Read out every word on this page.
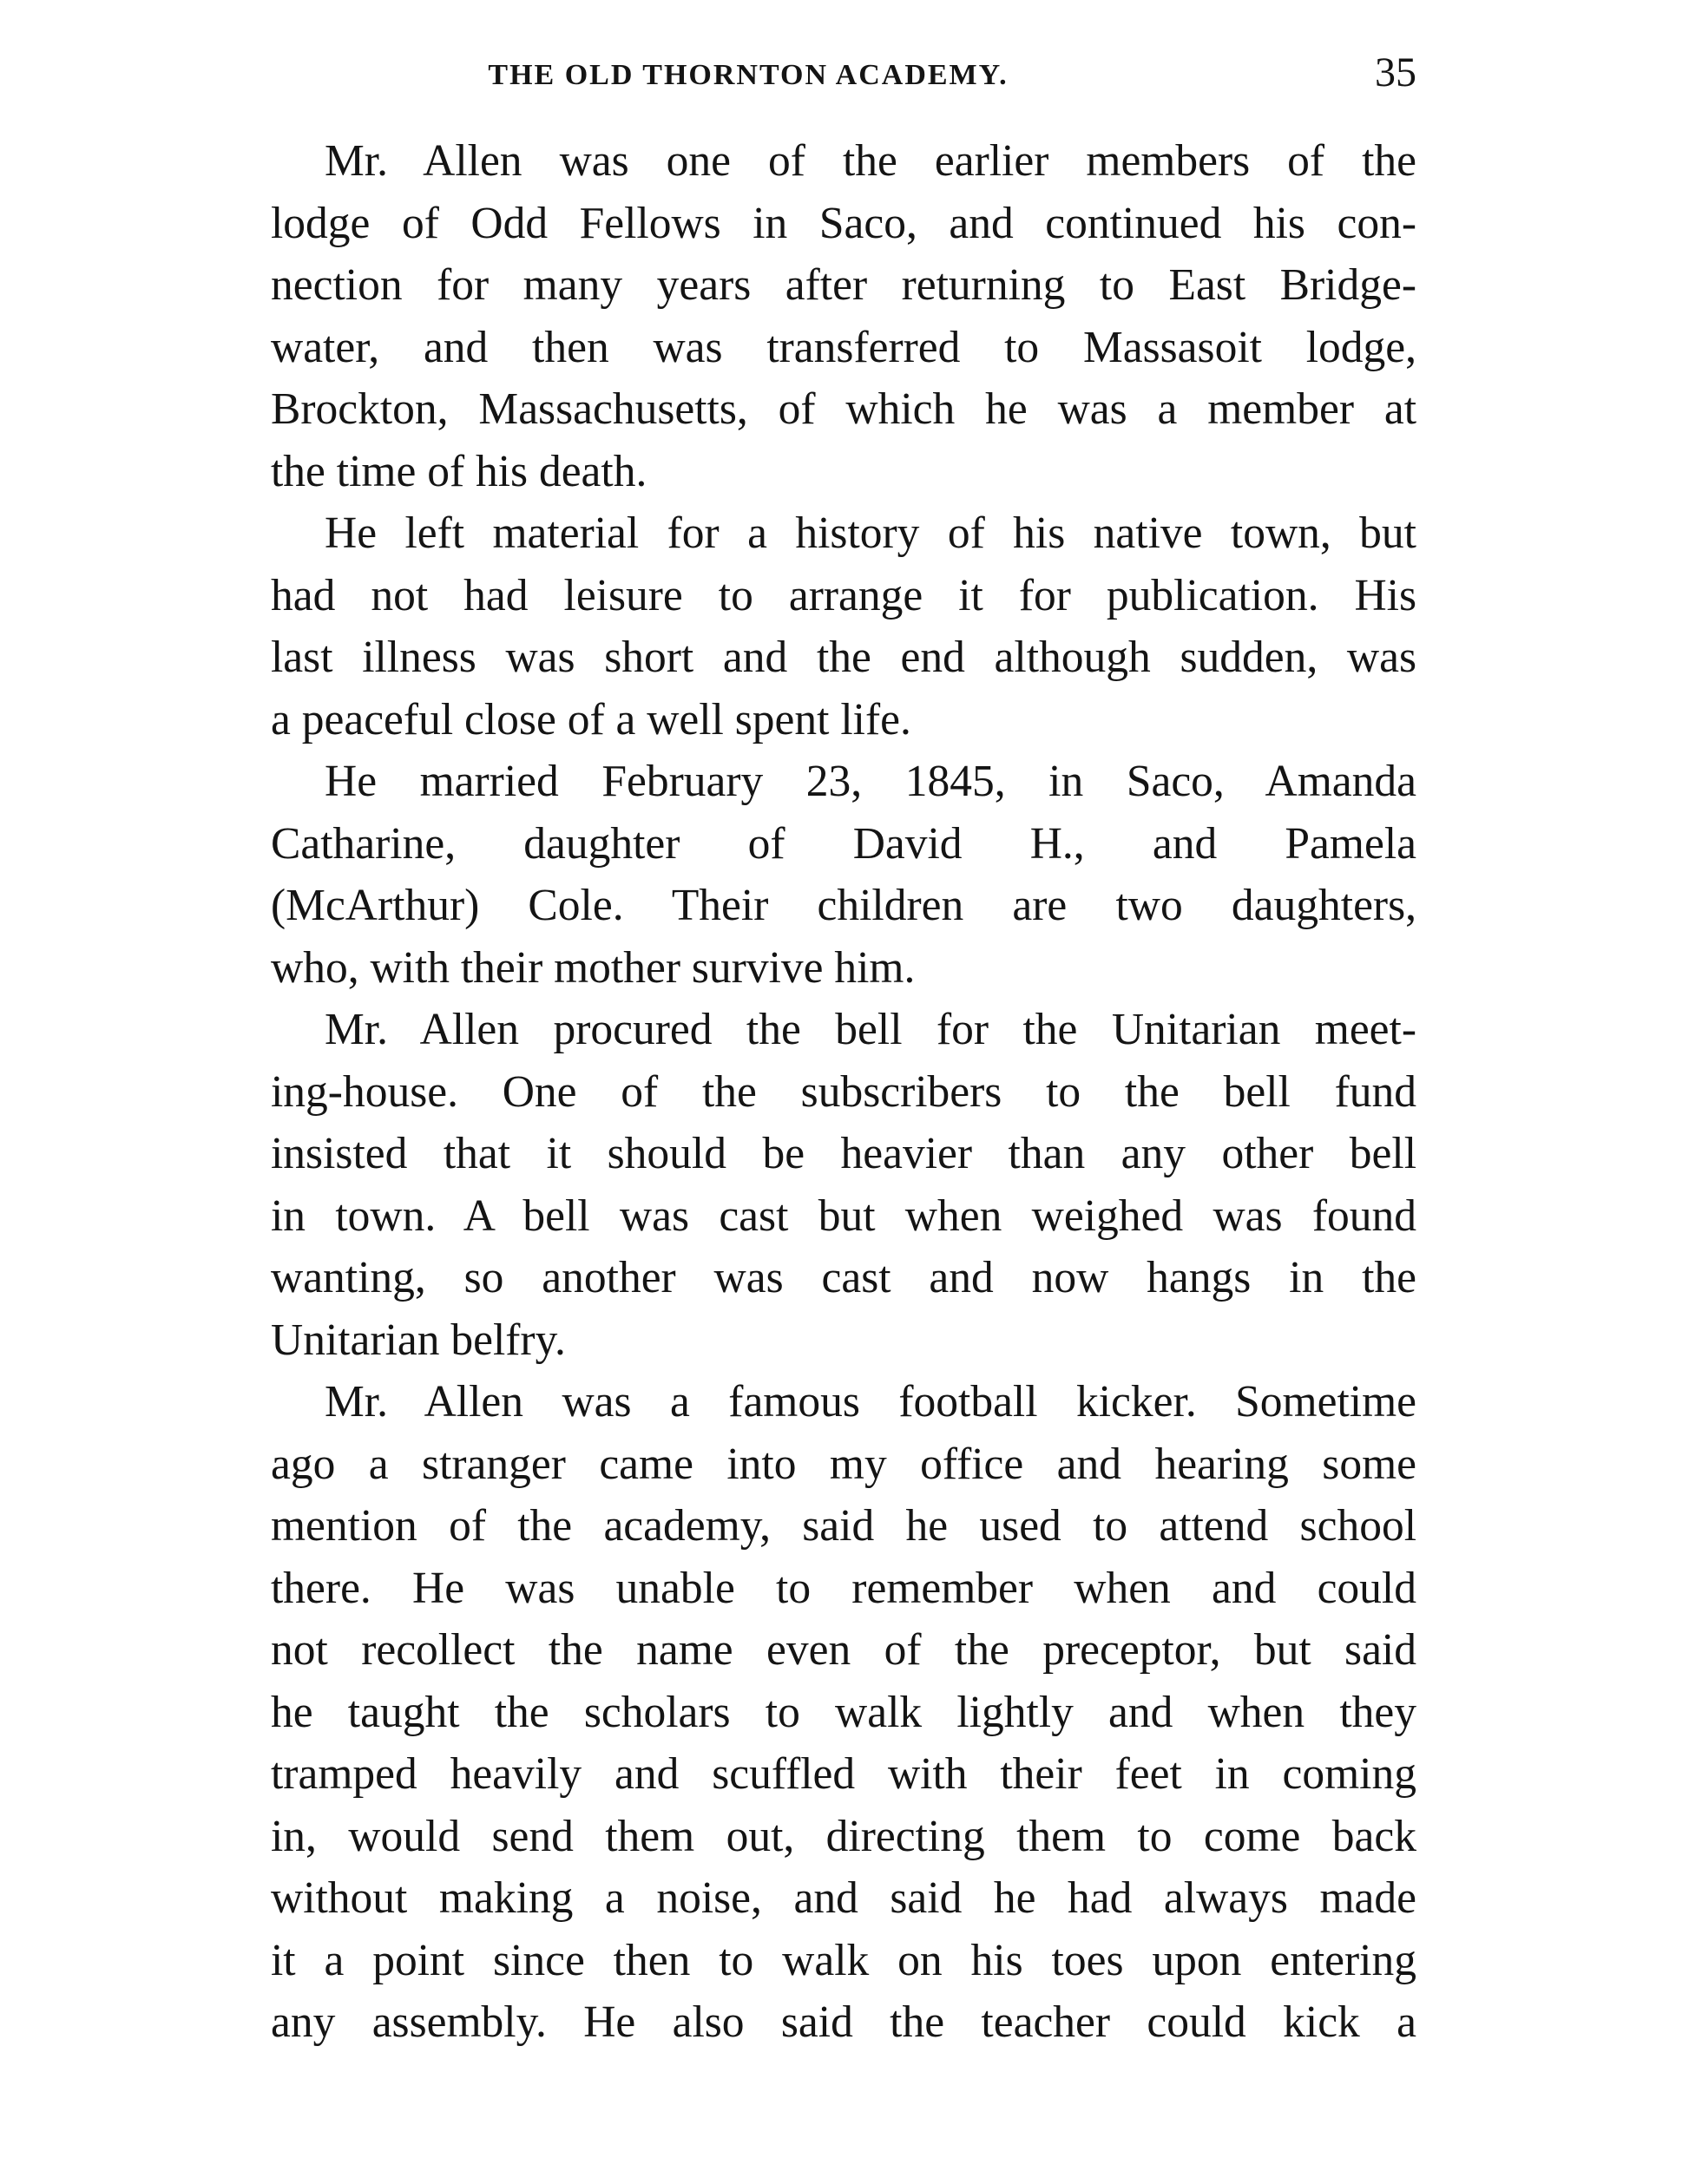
THE OLD THORNTON ACADEMY.	35
Mr. Allen was one of the earlier members of the
lodge of Odd Fellows in Saco, and continued his con-
nection for many years after returning to East Bridge-
water, and then was transferred to Massasoit lodge,
Brockton, Massachusetts, of which he was a member at
the time of his death.
He left material for a history of his native town, but
had not had leisure to arrange it for publication. His
last illness was short and the end although sudden, was
a peaceful close of a well spent life.
He married February 23, 1845, in Saco, Amanda
Catharine, daughter of David H., and Pamela
(McArthur) Cole. Their children are two daughters,
who, with their mother survive him.
Mr. Allen procured the bell for the Unitarian meet-
ing-house. One of the subscribers to the bell fund
insisted that it should be heavier than any other bell
in town. A bell was cast but when weighed was found
wanting, so another was cast and now hangs in the
Unitarian belfry.
Mr. Allen was a famous football kicker. Sometime
ago a stranger came into my office and hearing some
mention of the academy, said he used to attend school
there. He was unable to remember when and could
not recollect the name even of the preceptor, but said
he taught the scholars to walk lightly and when they
tramped heavily and scuffled with their feet in coming
in, would send them out, directing them to come back
without making a noise, and said he had always made
it a point since then to walk on his toes upon entering
any assembly. He also said the teacher could kick a
